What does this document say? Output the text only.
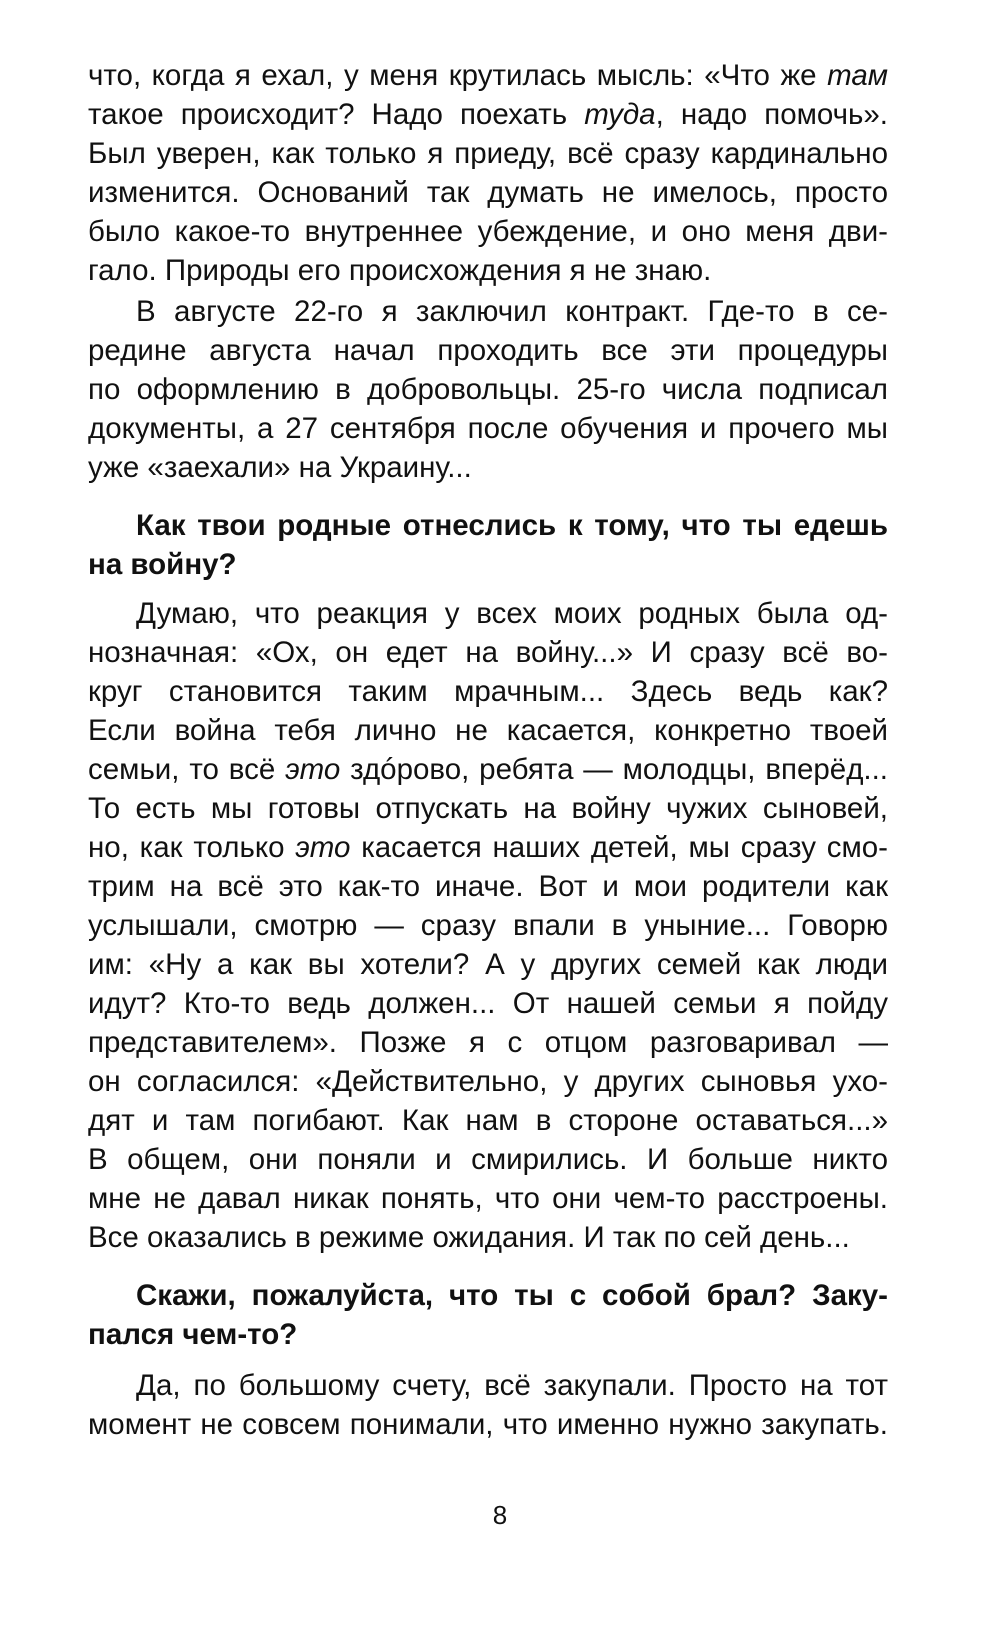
что, когда я ехал, у меня крутилась мысль: «Что же там
такое происходит? Надо поехать туда, надо помочь».
Был уверен, как только я приеду, всё сразу кардинально
изменится. Оснований так думать не имелось, просто
было какое-то внутреннее убеждение, и оно меня дви-
гало. Природы его происхождения я не знаю.
В августе 22-го я заключил контракт. Где-то в се-
редине августа начал проходить все эти процедуры
по оформлению в добровольцы. 25-го числа подписал
документы, а 27 сентября после обучения и прочего мы
уже «заехали» на Украину...
Как твои родные отнеслись к тому, что ты едешь
на войну?
Думаю, что реакция у всех моих родных была од-
нозначная: «Ох, он едет на войну...» И сразу всё во-
круг становится таким мрачным... Здесь ведь как?
Если война тебя лично не касается, конкретно твоей
семьи, то всё это здóрово, ребята — молодцы, вперёд...
То есть мы готовы отпускать на войну чужих сыновей,
но, как только это касается наших детей, мы сразу смо-
трим на всё это как-то иначе. Вот и мои родители как
услышали, смотрю — сразу впали в уныние... Говорю
им: «Ну а как вы хотели? А у других семей как люди
идут? Кто-то ведь должен... От нашей семьи я пойду
представителем». Позже я с отцом разговаривал —
он согласился: «Действительно, у других сыновья ухо-
дят и там погибают. Как нам в стороне оставаться...»
В общем, они поняли и смирились. И больше никто
мне не давал никак понять, что они чем-то расстроены.
Все оказались в режиме ожидания. И так по сей день...
Скажи, пожалуйста, что ты с собой брал? Заку-
пался чем-то?
Да, по большому счету, всё закупали. Просто на тот
момент не совсем понимали, что именно нужно закупать.
8
